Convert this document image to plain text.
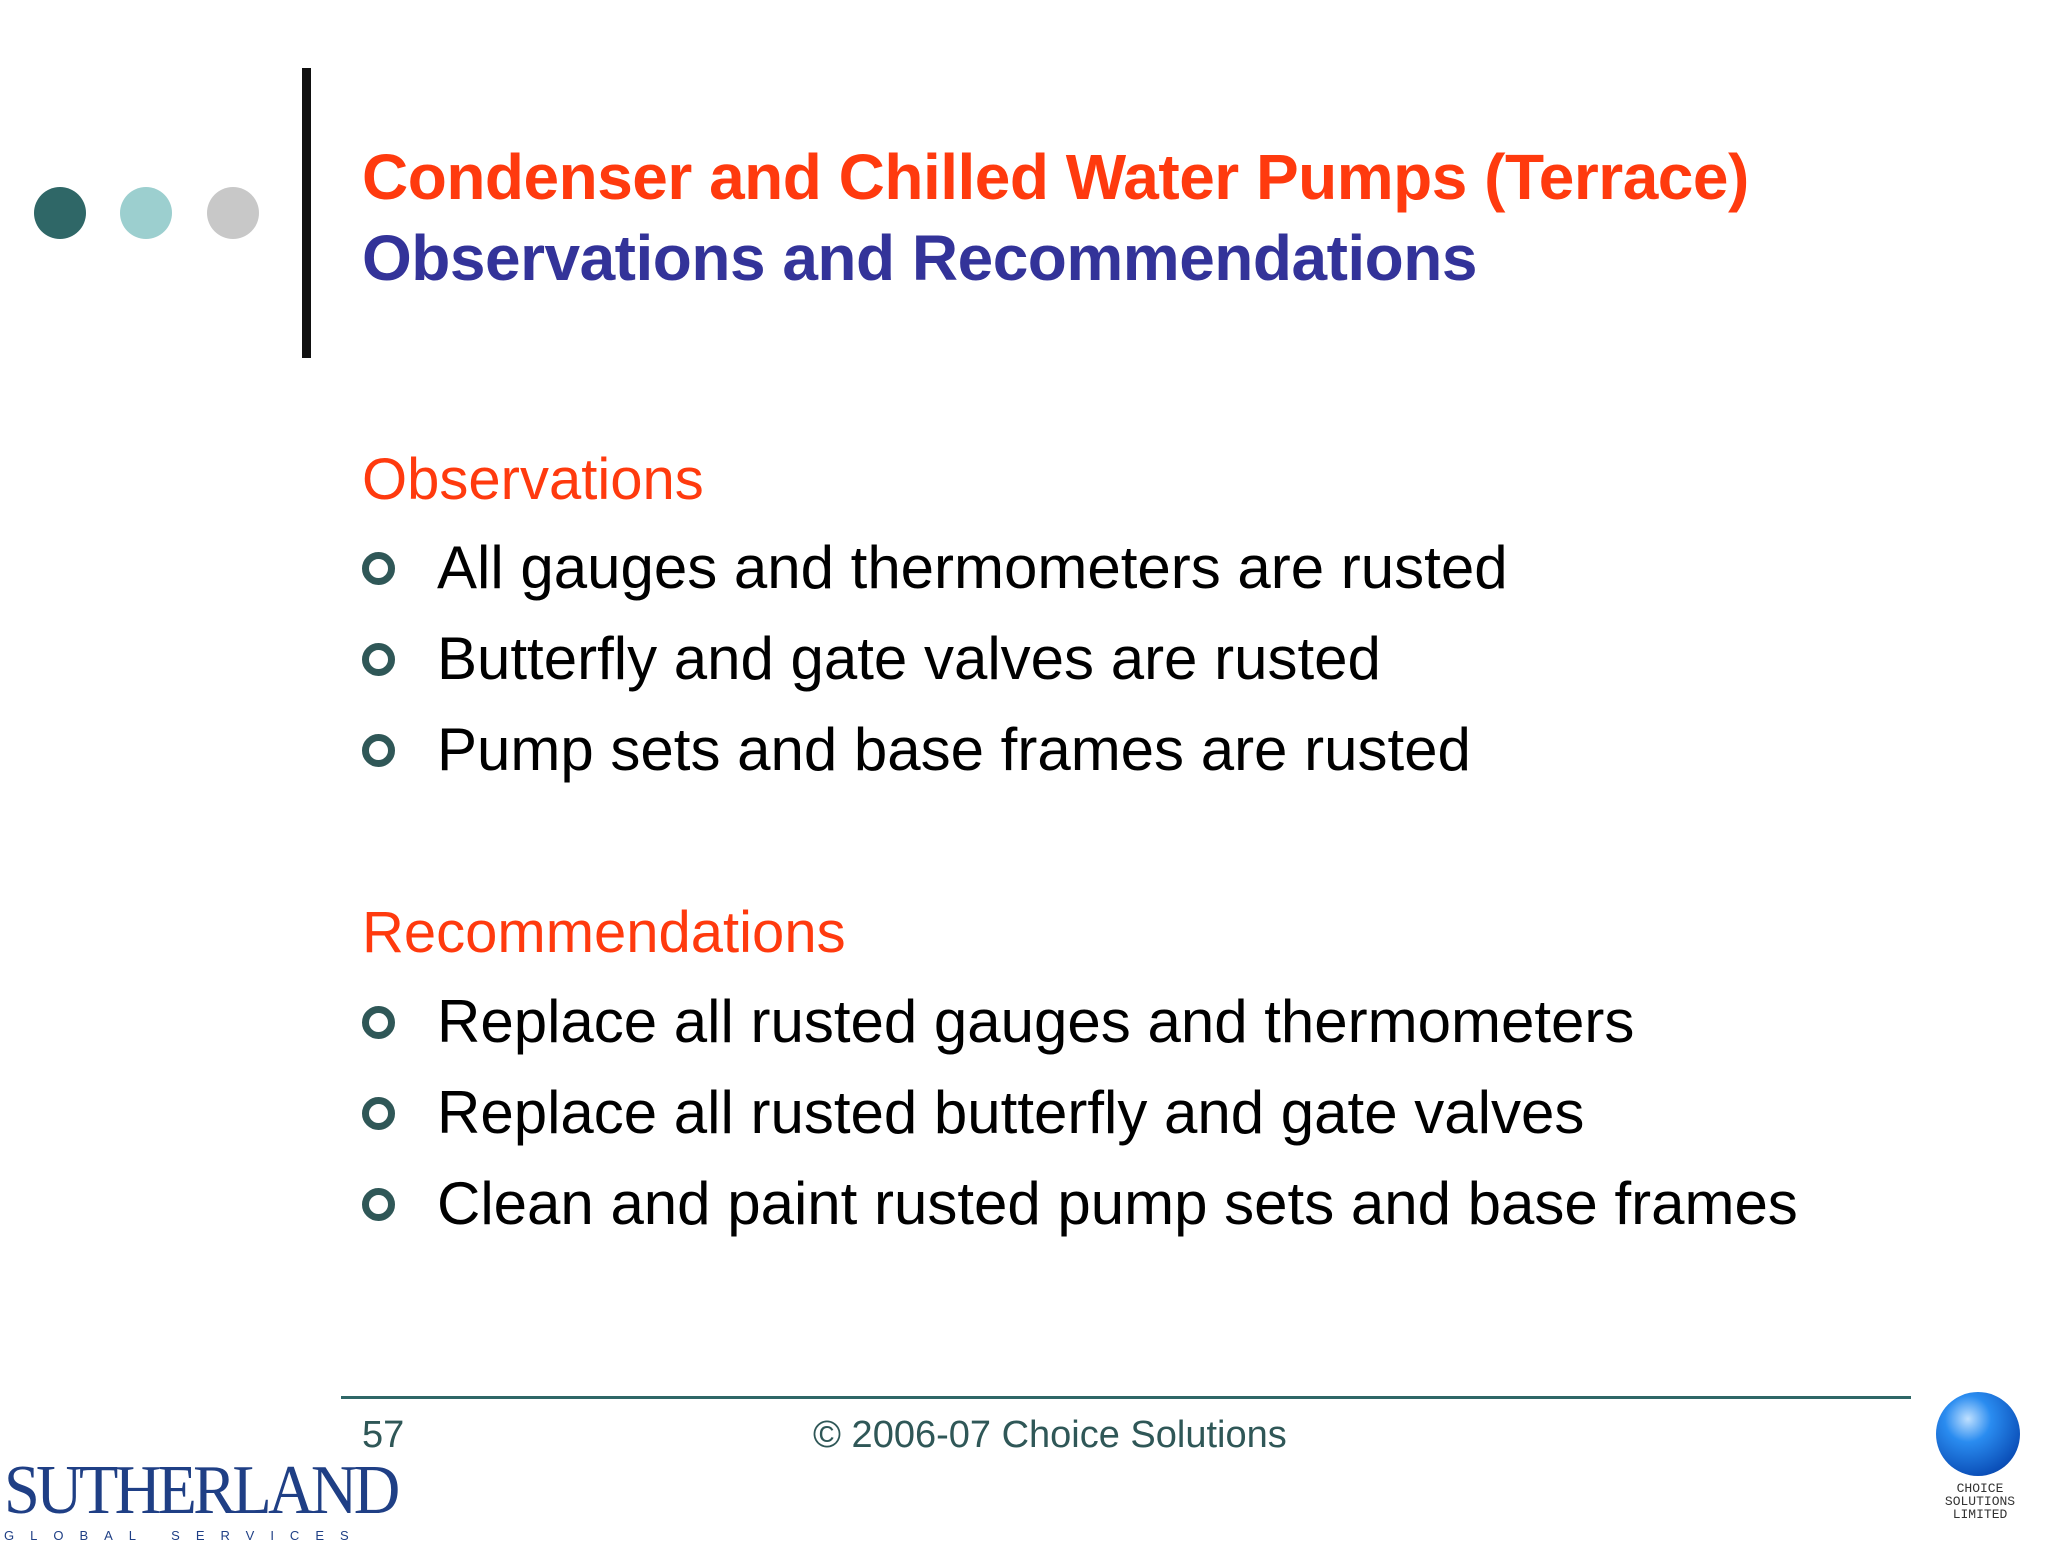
Condenser and Chilled Water Pumps (Terrace)
Observations and Recommendations
Observations
All gauges and thermometers are rusted
Butterfly and gate valves are rusted
Pump sets and base frames are rusted
Recommendations
Replace all rusted gauges and thermometers
Replace all rusted butterfly and gate valves
Clean and paint rusted pump sets and base frames
57	© 2006-07 Choice Solutions
SUTHERLAND
GLOBAL SERVICES
CHOICE
SOLUTIONS
LIMITED
